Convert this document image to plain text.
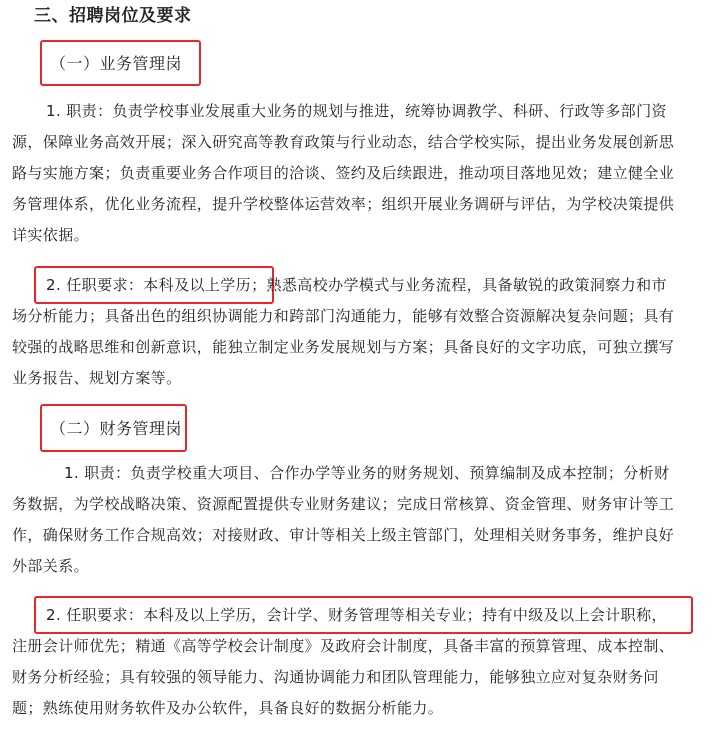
三、招聘岗位及要求
（一）业务管理岗
1. 职责：负责学校事业发展重大业务的规划与推进，统筹协调教学、科研、行政等多部门资
源，保障业务高效开展；深入研究高等教育政策与行业动态，结合学校实际，提出业务发展创新思
路与实施方案；负责重要业务合作项目的洽谈、签约及后续跟进，推动项目落地见效；建立健全业
务管理体系，优化业务流程，提升学校整体运营效率；组织开展业务调研与评估，为学校决策提供
详实依据。
2. 任职要求：本科及以上学历；熟悉高校办学模式与业务流程，具备敏锐的政策洞察力和市
场分析能力；具备出色的组织协调能力和跨部门沟通能力，能够有效整合资源解决复杂问题；具有
较强的战略思维和创新意识，能独立制定业务发展规划与方案；具备良好的文字功底，可独立撰写
业务报告、规划方案等。
（二）财务管理岗
1. 职责：负责学校重大项目、合作办学等业务的财务规划、预算编制及成本控制；分析财
务数据，为学校战略决策、资源配置提供专业财务建议；完成日常核算、资金管理、财务审计等工
作，确保财务工作合规高效；对接财政、审计等相关上级主管部门，处理相关财务事务，维护良好
外部关系。
2. 任职要求：本科及以上学历，会计学、财务管理等相关专业；持有中级及以上会计职称，
注册会计师优先；精通《高等学校会计制度》及政府会计制度，具备丰富的预算管理、成本控制、
财务分析经验；具有较强的领导能力、沟通协调能力和团队管理能力，能够独立应对复杂财务问
题；熟练使用财务软件及办公软件，具备良好的数据分析能力。
